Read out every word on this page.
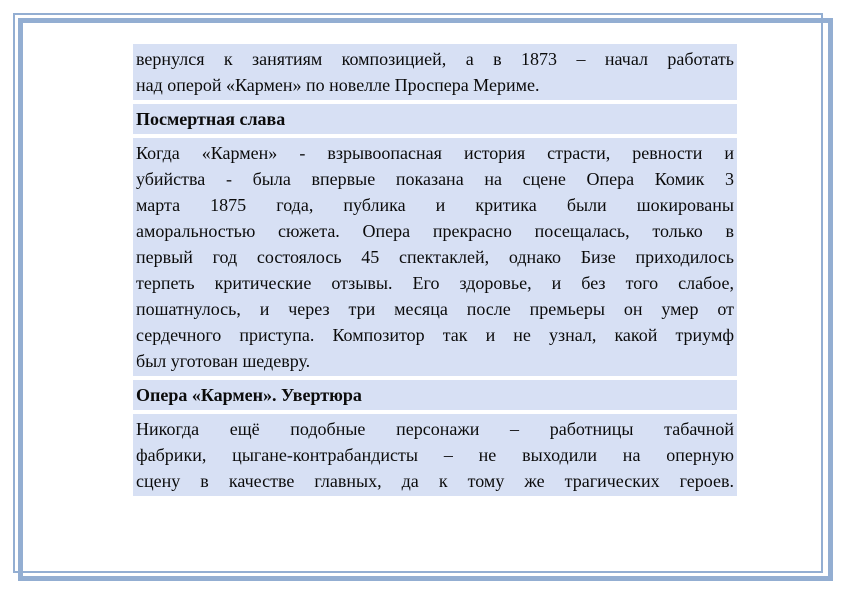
вернулся к занятиям композицией, а в 1873 – начал работать
над оперой «Кармен» по новелле Проспера Мериме.
Посмертная слава
Когда «Кармен» - взрывоопасная история страсти, ревности и
убийства - была впервые показана на сцене Опера Комик 3
марта 1875 года, публика и критика были шокированы
аморальностью сюжета. Опера прекрасно посещалась, только в
первый год состоялось 45 спектаклей, однако Бизе приходилось
терпеть критические отзывы. Его здоровье, и без того слабое,
пошатнулось, и через три месяца после премьеры он умер от
сердечного приступа. Композитор так и не узнал, какой триумф
был уготован шедевру.
Опера «Кармен». Увертюра
Никогда ещё подобные персонажи – работницы табачной
фабрики, цыгане-контрабандисты – не выходили на оперную
сцену в качестве главных, да к тому же трагических героев.
